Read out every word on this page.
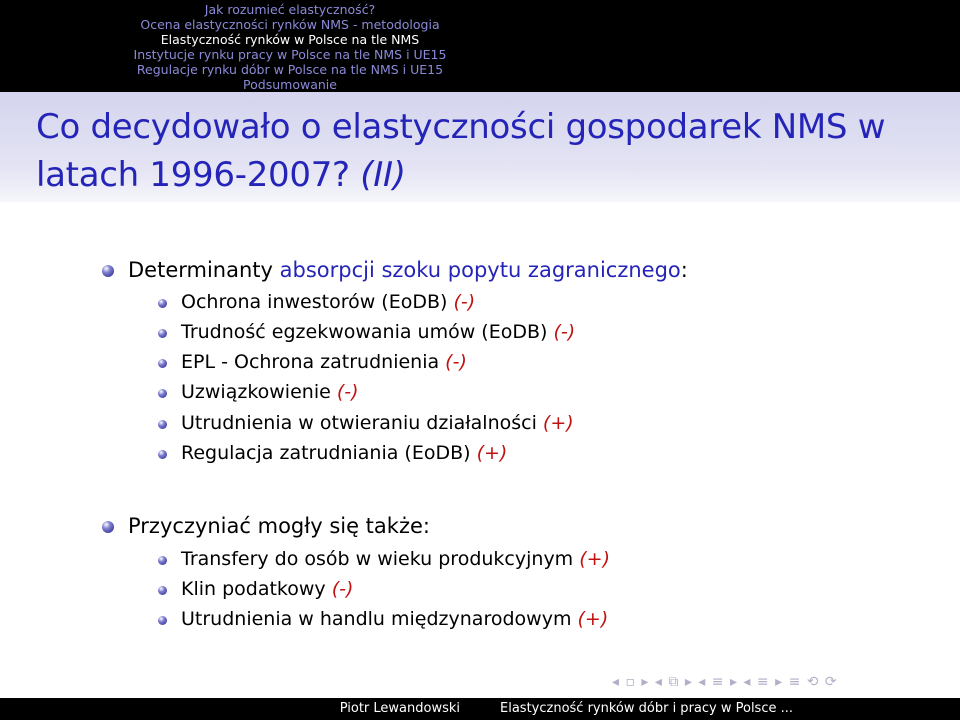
Jak rozumieć elastyczność?
Ocena elastyczności rynków NMS - metodologia
Elastyczność rynków w Polsce na tle NMS
Instytucje rynku pracy w Polsce na tle NMS i UE15
Regulacje rynku dóbr w Polsce na tle NMS i UE15
Podsumowanie
Co decydowało o elastyczności gospodarek NMS w latach 1996-2007? (II)
Determinanty absorpcji szoku popytu zagranicznego:
Ochrona inwestorów (EoDB) (-)
Trudność egzekwowania umów (EoDB) (-)
EPL - Ochrona zatrudnienia (-)
Uzwiązkowienie (-)
Utrudnienia w otwieraniu działalności (+)
Regulacja zatrudniania (EoDB) (+)
Przyczyniać mogły się także:
Transfery do osób w wieku produkcyjnym (+)
Klin podatkowy (-)
Utrudnienia w handlu międzynarodowym (+)
◂ ▫ ▸ ◂ ⧉ ▸ ◂ ≡ ▸ ◂ ≡ ▸ ≡ ⟲ ⟳
Piotr Lewandowski	Elastyczność rynków dóbr i pracy w Polsce ...
